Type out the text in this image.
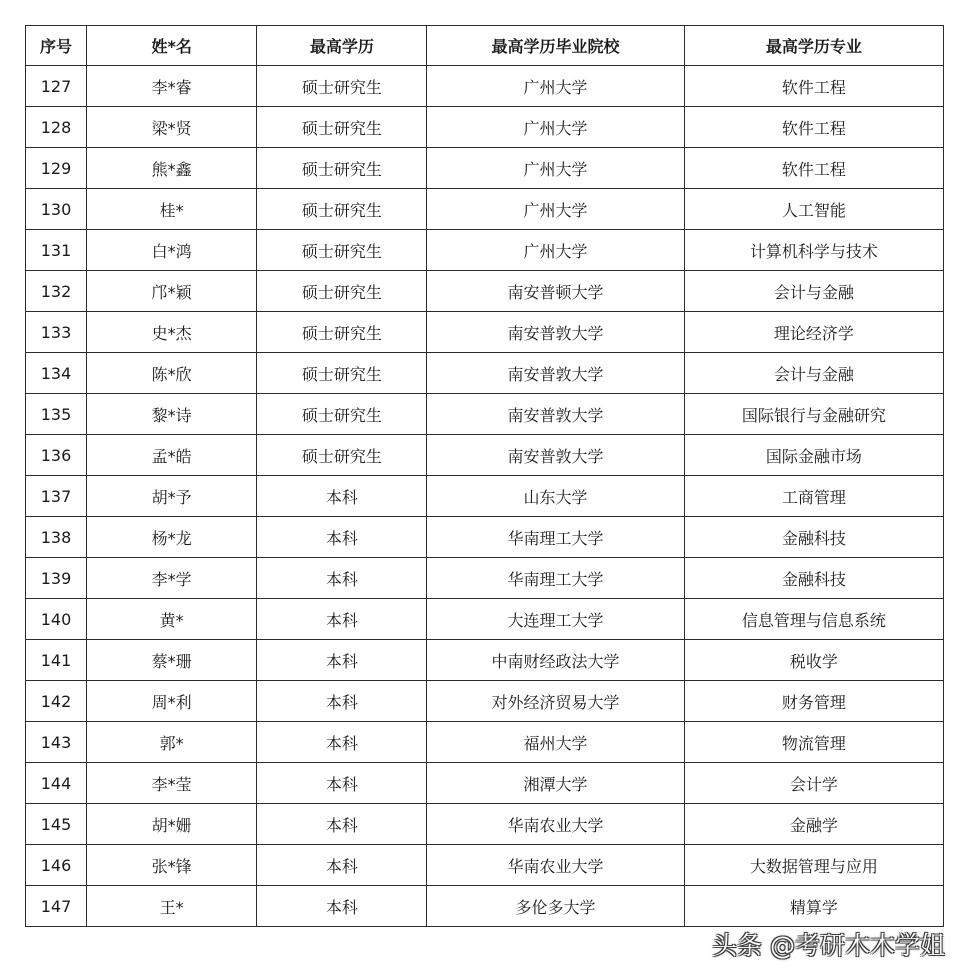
序号	姓*名	最高学历	最高学历毕业院校	最高学历专业
127	李*睿	硕士研究生	广州大学	软件工程
128	梁*贤	硕士研究生	广州大学	软件工程
129	熊*鑫	硕士研究生	广州大学	软件工程
130	桂*	硕士研究生	广州大学	人工智能
131	白*鸿	硕士研究生	广州大学	计算机科学与技术
132	邝*颖	硕士研究生	南安普顿大学	会计与金融
133	史*杰	硕士研究生	南安普敦大学	理论经济学
134	陈*欣	硕士研究生	南安普敦大学	会计与金融
135	黎*诗	硕士研究生	南安普敦大学	国际银行与金融研究
136	孟*皓	硕士研究生	南安普敦大学	国际金融市场
137	胡*予	本科	山东大学	工商管理
138	杨*龙	本科	华南理工大学	金融科技
139	李*学	本科	华南理工大学	金融科技
140	黄*	本科	大连理工大学	信息管理与信息系统
141	蔡*珊	本科	中南财经政法大学	税收学
142	周*利	本科	对外经济贸易大学	财务管理
143	郭*	本科	福州大学	物流管理
144	李*莹	本科	湘潭大学	会计学
145	胡*姗	本科	华南农业大学	金融学
146	张*锋	本科	华南农业大学	大数据管理与应用
147	王*	本科	多伦多大学	精算学
头条 @考研木木学姐
